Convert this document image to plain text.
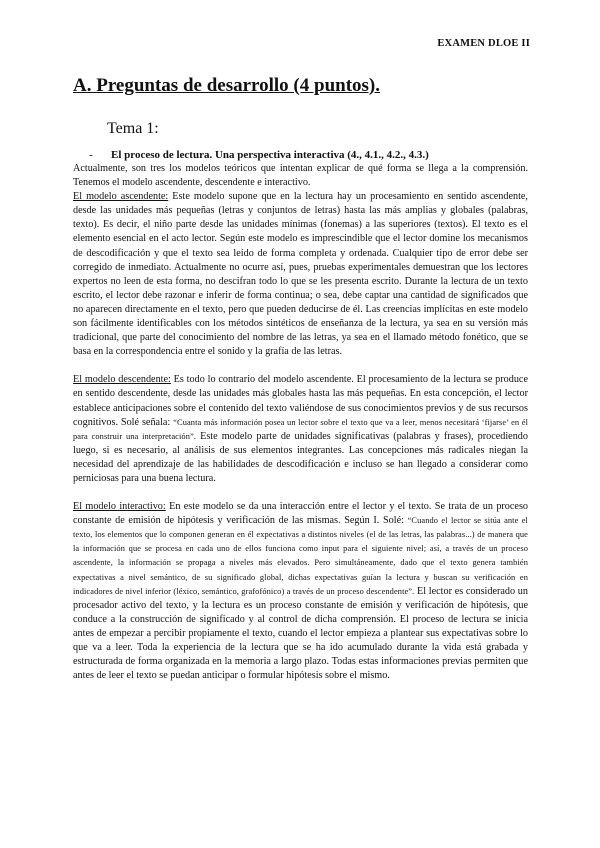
EXAMEN DLOE II
A. Preguntas de desarrollo (4 puntos).
Tema 1:
- El proceso de lectura. Una perspectiva interactiva (4., 4.1., 4.2., 4.3.)

Actualmente, son tres los modelos teóricos que intentan explicar de qué forma se llega a la comprensión. Tenemos el modelo ascendente, descendente e interactivo.
El modelo ascendente: Este modelo supone que en la lectura hay un procesamiento en sentido ascendente, desde las unidades más pequeñas (letras y conjuntos de letras) hasta las más amplias y globales (palabras, texto). Es decir, el niño parte desde las unidades mínimas (fonemas) a las superiores (textos). El texto es el elemento esencial en el acto lector. Según este modelo es imprescindible que el lector domine los mecanismos de descodificación y que el texto sea leído de forma completa y ordenada. Cualquier tipo de error debe ser corregido de inmediato. Actualmente no ocurre así, pues, pruebas experimentales demuestran que los lectores expertos no leen de esta forma, no descifran todo lo que se les presenta escrito. Durante la lectura de un texto escrito, el lector debe razonar e inferir de forma continua; o sea, debe captar una cantidad de significados que no aparecen directamente en el texto, pero que pueden deducirse de él. Las creencias implícitas en este modelo son fácilmente identificables con los métodos sintéticos de enseñanza de la lectura, ya sea en su versión más tradicional, que parte del conocimiento del nombre de las letras, ya sea en el llamado método fonético, que se basa en la correspondencia entre el sonido y la grafía de las letras.

El modelo descendente: Es todo lo contrario del modelo ascendente. El procesamiento de la lectura se produce en sentido descendente, desde las unidades más globales hasta las más pequeñas. En esta concepción, el lector establece anticipaciones sobre el contenido del texto valiéndose de sus conocimientos previos y de sus recursos cognitivos. Solé señala: “Cuanta más información posea un lector sobre el texto que va a leer, menos necesitará ‘fijarse’ en él para construir una interpretación”. Este modelo parte de unidades significativas (palabras y frases), procediendo luego, si es necesario, al análisis de sus elementos integrantes. Las concepciones más radicales niegan la necesidad del aprendizaje de las habilidades de descodificación e incluso se han llegado a considerar como perniciosas para una buena lectura.

El modelo interactivo: En este modelo se da una interacción entre el lector y el texto. Se trata de un proceso constante de emisión de hipótesis y verificación de las mismas. Según I. Solé: “Cuando el lector se sitúa ante el texto, los elementos que lo componen generan en él expectativas a distintos niveles (el de las letras, las palabras...) de manera que la información que se procesa en cada uno de ellos funciona como input para el siguiente nivel; así, a través de un proceso ascendente, la información se propaga a niveles más elevados. Pero simultáneamente, dado que el texto genera también expectativas a nivel semántico, de su significado global, dichas expectativas guían la lectura y buscan su verificación en indicadores de nivel inferior (léxico, semántico, grafofónico) a través de un proceso descendente”. El lector es considerado un procesador activo del texto, y la lectura es un proceso constante de emisión y verificación de hipótesis, que conduce a la construcción de significado y al control de dicha comprensión. El proceso de lectura se inicia antes de empezar a percibir propiamente el texto, cuando el lector empieza a plantear sus expectativas sobre lo que va a leer. Toda la experiencia de la lectura que se ha ido acumulado durante la vida está grabada y estructurada de forma organizada en la memoria a largo plazo. Todas estas informaciones previas permiten que antes de leer el texto se puedan anticipar o formular hipótesis sobre el mismo.
